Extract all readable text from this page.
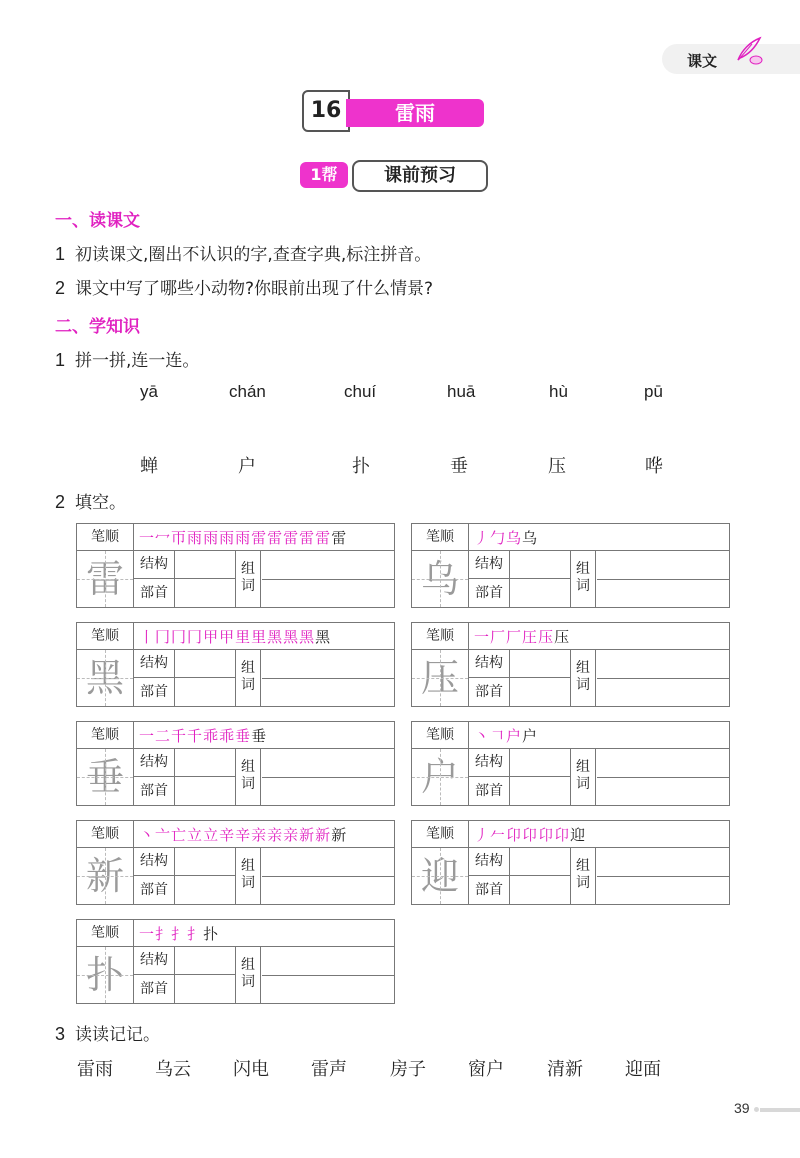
课文
16	雷雨
1帮	课前预习
一、读课文
1 初读课文,圈出不认识的字,查查字典,标注拼音。
2 课文中写了哪些小动物?你眼前出现了什么情景?
二、学知识
1 拼一拼,连一连。
yā	chán	chuí	huā	hù	pū
蝉	户	扑	垂	压	哗
2 填空。
笔顺	一冖帀雨雨雨雨雷雷雷雷雷雷
雷	结构
部首
组词
笔顺	丿勹乌乌
乌	结构
部首
组词
笔顺	丨冂冂冂甲甲里里黑黑黑黑
黑	结构
部首
组词
笔顺	一厂厂圧压压
压	结构
部首
组词
笔顺	一二千千乖乖垂垂
垂	结构
部首
组词
笔顺	丶𠃍户户
户	结构
部首
组词
笔顺	丶亠亡立立辛辛亲亲亲新新新
新	结构
部首
组词
笔顺	丿𠂉卬卬卬卬迎
迎	结构
部首
组词
笔顺	一扌扌扌扑
扑	结构
部首
组词
3 读读记记。
雷雨 乌云 闪电 雷声 房子 窗户 清新 迎面
39
